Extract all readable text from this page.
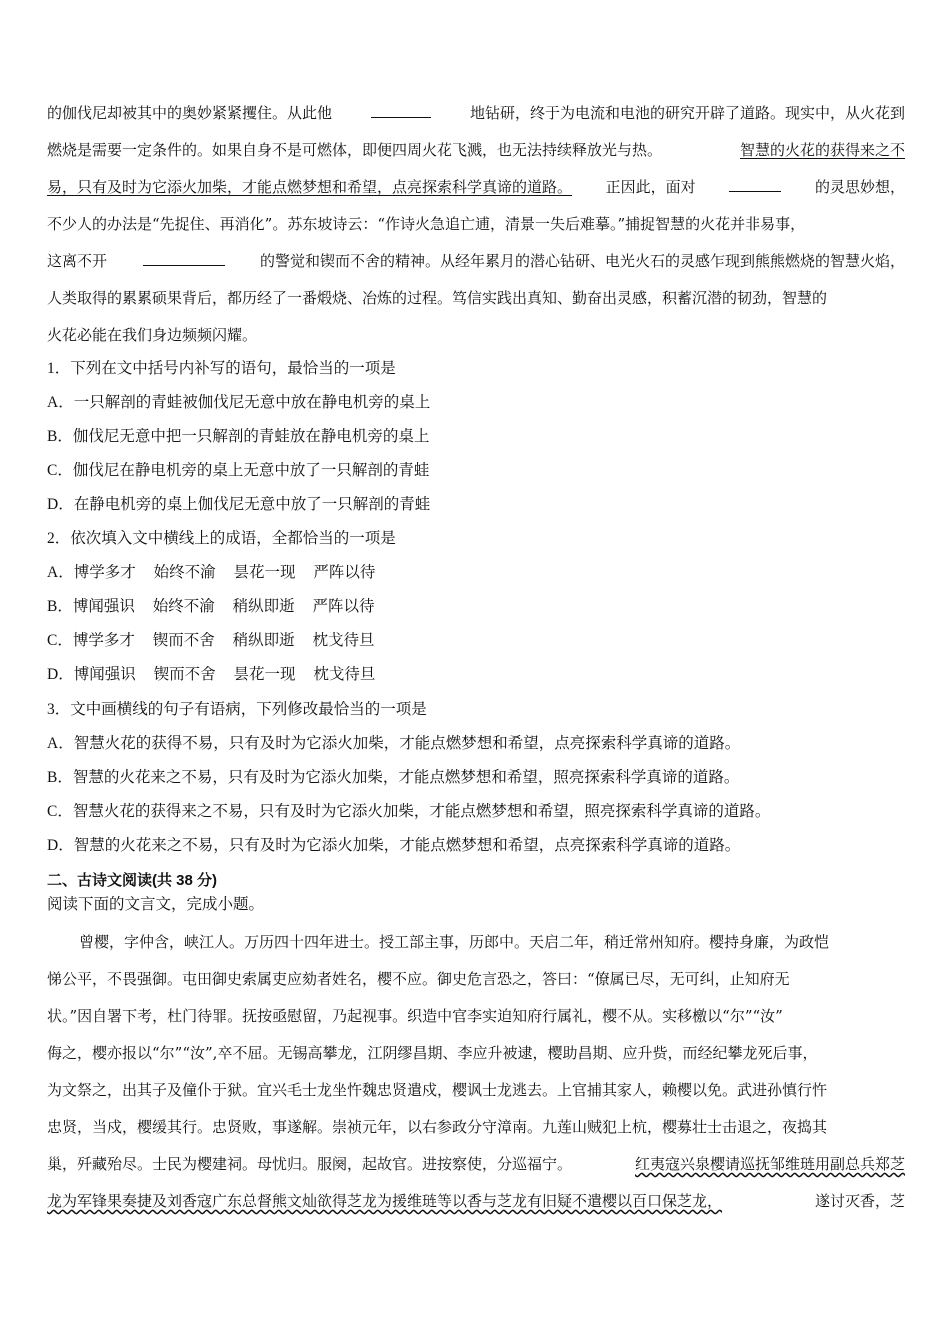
的伽伐尼却被其中的奥妙紧紧攫住。从此他	地钻研，终于为电流和电池的研究开辟了道路。现实中，从火花到
燃烧是需要一定条件的。如果自身不是可燃体，即便四周火花飞溅，也无法持续释放光与热。	智慧的火花的获得来之不
易，只有及时为它添火加柴，才能点燃梦想和希望，点亮探索科学真谛的道路。 正因此，面对	的灵思妙想，
不少人的办法是“先捉住、再消化”。苏东坡诗云：“作诗火急追亡逋，清景一失后难摹。”捕捉智慧的火花并非易事，
这离不开	的警觉和锲而不舍的精神。从经年累月的潜心钻研、电光火石的灵感乍现到熊熊燃烧的智慧火焰，
人类取得的累累硕果背后，都历经了一番煅烧、冶炼的过程。笃信实践出真知、勤奋出灵感，积蓄沉潜的韧劲，智慧的
火花必能在我们身边频频闪耀。
1．下列在文中括号内补写的语句，最恰当的一项是
A．一只解剖的青蛙被伽伐尼无意中放在静电机旁的桌上
B．伽伐尼无意中把一只解剖的青蛙放在静电机旁的桌上
C．伽伐尼在静电机旁的桌上无意中放了一只解剖的青蛙
D．在静电机旁的桌上伽伐尼无意中放了一只解剖的青蛙
2．依次填入文中横线上的成语，全都恰当的一项是
A．博学多才 始终不渝 昙花一现 严阵以待
B．博闻强识 始终不渝 稍纵即逝 严阵以待
C．博学多才 锲而不舍 稍纵即逝 枕戈待旦
D．博闻强识 锲而不舍 昙花一现 枕戈待旦
3．文中画横线的句子有语病，下列修改最恰当的一项是
A．智慧火花的获得不易，只有及时为它添火加柴，才能点燃梦想和希望，点亮探索科学真谛的道路。
B．智慧的火花来之不易，只有及时为它添火加柴，才能点燃梦想和希望，照亮探索科学真谛的道路。
C．智慧火花的获得来之不易，只有及时为它添火加柴，才能点燃梦想和希望，照亮探索科学真谛的道路。
D．智慧的火花来之不易，只有及时为它添火加柴，才能点燃梦想和希望，点亮探索科学真谛的道路。
二、古诗文阅读(共 38 分)
阅读下面的文言文，完成小题。
曾樱，字仲含，峡江人。万历四十四年进士。授工部主事，历郎中。天启二年，稍迁常州知府。樱持身廉，为政恺
悌公平，不畏强御。屯田御史索属吏应劾者姓名，樱不应。御史危言恐之，答曰：“僚属已尽，无可纠，止知府无
状。”因自署下考，杜门待罪。抚按亟慰留，乃起视事。织造中官李实迫知府行属礼，樱不从。实移檄以“尔”“汝”
侮之，樱亦报以“尔”“汝”,卒不屈。无锡高攀龙，江阴缪昌期、李应升被逮，樱助昌期、应升赀，而经纪攀龙死后事，
为文祭之，出其子及僮仆于狱。宜兴毛士龙坐忤魏忠贤遣戍，樱讽士龙逃去。上官捕其家人，赖樱以免。武进孙慎行忤
忠贤，当戍，樱缓其行。忠贤败，事遂解。崇祯元年，以右参政分守漳南。九莲山贼犯上杭，樱募壮士击退之，夜捣其
巢，歼藏殆尽。士民为樱建祠。母忧归。服阕，起故官。进按察使，分巡福宁。	红夷寇兴泉樱请巡抚邹维琏用副总兵郑芝
龙为军锋果奏捷及刘香寇广东总督熊文灿欲得芝龙为援维琏等以香与芝龙有旧疑不遣樱以百口保芝龙，	遂讨灭香，芝
